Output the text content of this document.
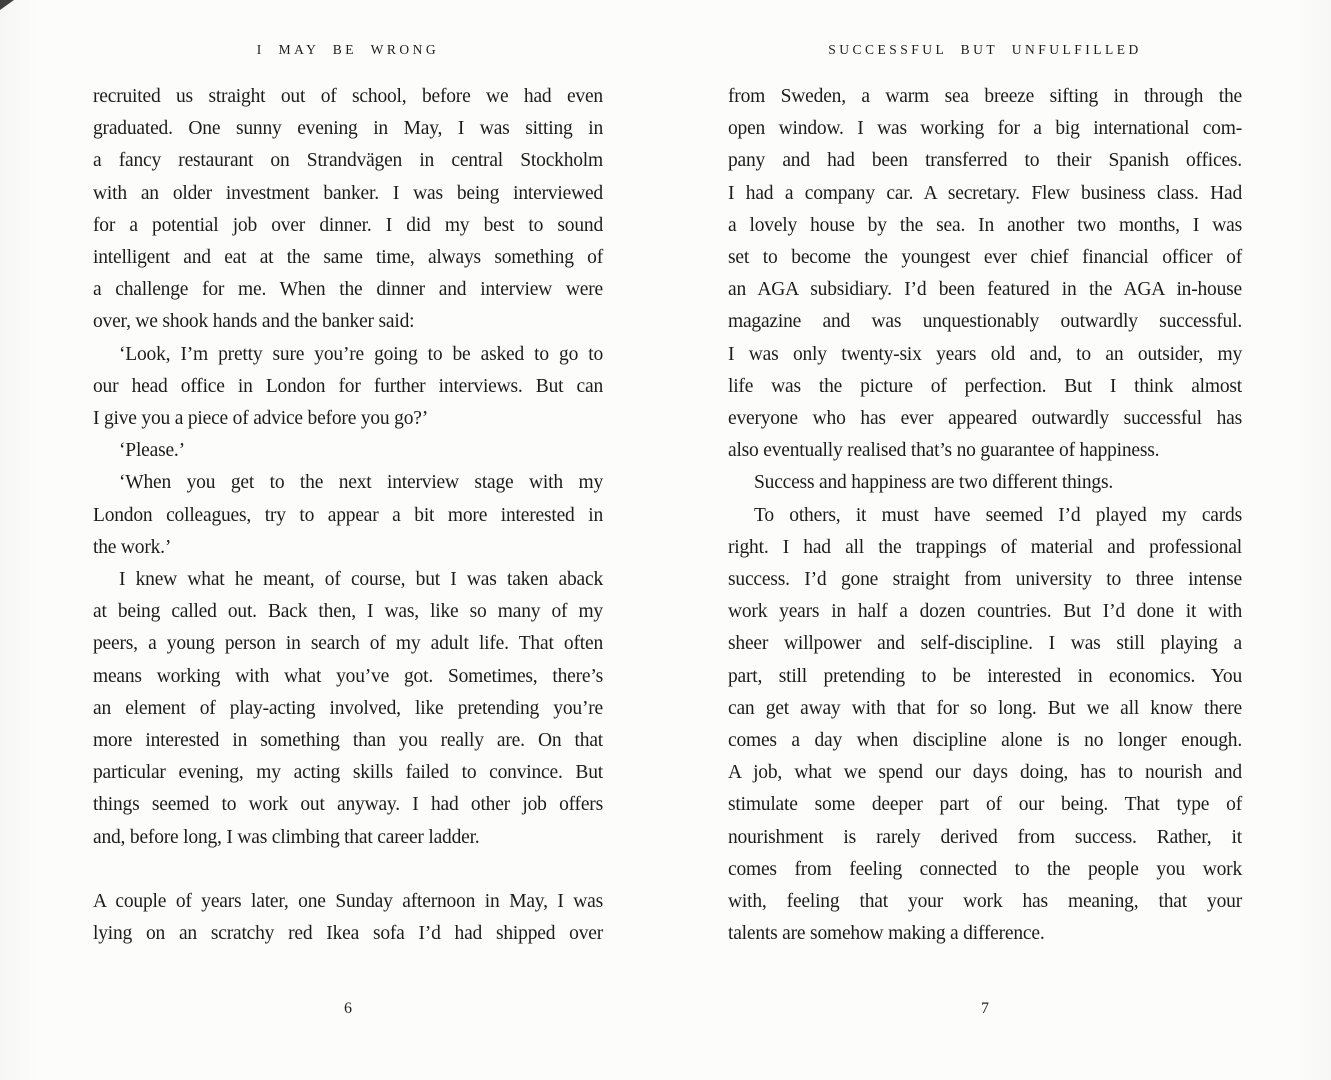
I MAY BE WRONG
recruited us straight out of school, before we had even
graduated. One sunny evening in May, I was sitting in
a fancy restaurant on Strandvägen in central Stockholm
with an older investment banker. I was being interviewed
for a potential job over dinner. I did my best to sound
intelligent and eat at the same time, always something of
a challenge for me. When the dinner and interview were
over, we shook hands and the banker said:
‘Look, I’m pretty sure you’re going to be asked to go to
our head office in London for further interviews. But can
I give you a piece of advice before you go?’
‘Please.’
‘When you get to the next interview stage with my
London colleagues, try to appear a bit more interested in
the work.’
I knew what he meant, of course, but I was taken aback
at being called out. Back then, I was, like so many of my
peers, a young person in search of my adult life. That often
means working with what you’ve got. Sometimes, there’s
an element of play-acting involved, like pretending you’re
more interested in something than you really are. On that
particular evening, my acting skills failed to convince. But
things seemed to work out anyway. I had other job offers
and, before long, I was climbing that career ladder.
A couple of years later, one Sunday afternoon in May, I was
lying on an scratchy red Ikea sofa I’d had shipped over
6
SUCCESSFUL BUT UNFULFILLED
from Sweden, a warm sea breeze sifting in through the
open window. I was working for a big international com-
pany and had been transferred to their Spanish offices.
I had a company car. A secretary. Flew business class. Had
a lovely house by the sea. In another two months, I was
set to become the youngest ever chief financial officer of
an AGA subsidiary. I’d been featured in the AGA in-house
magazine and was unquestionably outwardly successful.
I was only twenty-six years old and, to an outsider, my
life was the picture of perfection. But I think almost
everyone who has ever appeared outwardly successful has
also eventually realised that’s no guarantee of happiness.
Success and happiness are two different things.
To others, it must have seemed I’d played my cards
right. I had all the trappings of material and professional
success. I’d gone straight from university to three intense
work years in half a dozen countries. But I’d done it with
sheer willpower and self-discipline. I was still playing a
part, still pretending to be interested in economics. You
can get away with that for so long. But we all know there
comes a day when discipline alone is no longer enough.
A job, what we spend our days doing, has to nourish and
stimulate some deeper part of our being. That type of
nourishment is rarely derived from success. Rather, it
comes from feeling connected to the people you work
with, feeling that your work has meaning, that your
talents are somehow making a difference.
7
